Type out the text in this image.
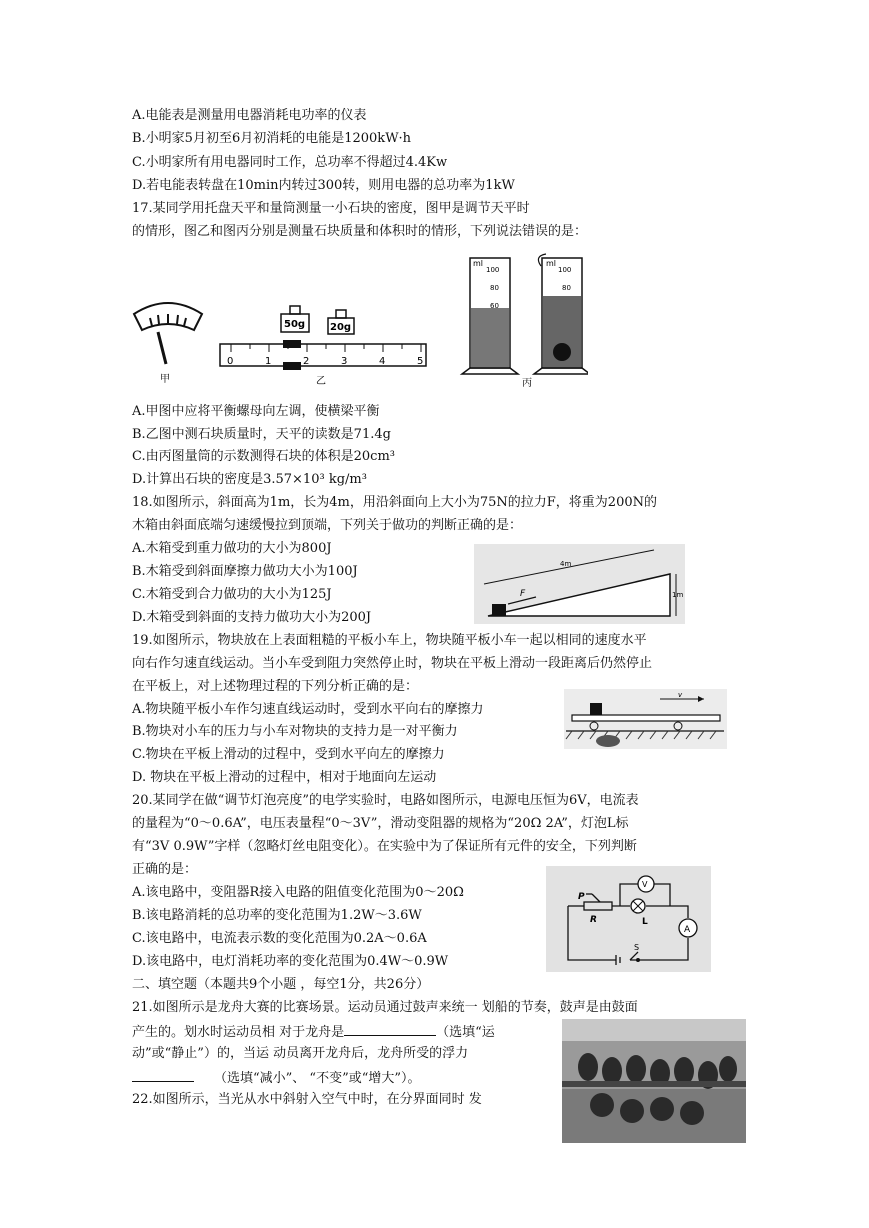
A.电能表是测量用电器消耗电功率的仪表
B.小明家5月初至6月初消耗的电能是1200kW·h
C.小明家所有用电器同时工作，总功率不得超过4.4Kw
D.若电能表转盘在10min内转过300转，则用电器的总功率为1kW
17.某同学用托盘天平和量筒测量一小石块的密度，图甲是调节天平时
的情形，图乙和图丙分别是测量石块质量和体积时的情形，下列说法错误的是：
甲
50g 20g
0	1	2	3	4	5
乙
ml
100
80
60
ml
100
80
丙
A.甲图中应将平衡螺母向左调，使横梁平衡
B.乙图中测石块质量时，天平的读数是71.4g
C.由丙图量筒的示数测得石块的体积是20cm³
D.计算出石块的密度是3.57×10³ kg/m³
18.如图所示，斜面高为1m，长为4m，用沿斜面向上大小为75N的拉力F，将重为200N的
木箱由斜面底端匀速缓慢拉到顶端，下列关于做功的判断正确的是：
A.木箱受到重力做功的大小为800J
B.木箱受到斜面摩擦力做功大小为100J
C.木箱受到合力做功的大小为125J
D.木箱受到斜面的支持力做功大小为200J
F
4m
1m
19.如图所示，物块放在上表面粗糙的平板小车上，物块随平板小车一起以相同的速度水平
向右作匀速直线运动。当小车受到阻力突然停止时，物块在平板上滑动一段距离后仍然停止
在平板上，对上述物理过程的下列分析正确的是：
A.物块随平板小车作匀速直线运动时，受到水平向右的摩擦力
B.物块对小车的压力与小车对物块的支持力是一对平衡力
C.物块在平板上滑动的过程中，受到水平向左的摩擦力
D. 物块在平板上滑动的过程中，相对于地面向左运动
v
20.某同学在做“调节灯泡亮度”的电学实验时，电路如图所示，电源电压恒为6V，电流表
的量程为“0～0.6A”，电压表量程“0～3V”，滑动变阻器的规格为“20Ω 2A”，灯泡L标
有“3V 0.9W”字样（忽略灯丝电阻变化）。在实验中为了保证所有元件的安全，下列判断
正确的是：
A.该电路中，变阻器R接入电路的阻值变化范围为0～20Ω
B.该电路消耗的总功率的变化范围为1.2W～3.6W
C.该电路中，电流表示数的变化范围为0.2A～0.6A
D.该电路中，电灯消耗功率的变化范围为0.4W～0.9W
V
A
P
R	L
S
二、填空题（本题共9个小题 ，每空1分，共26分）
21.如图所示是龙舟大赛的比赛场景。运动员通过鼓声来统一 划船的节奏，鼓声是由鼓面
产生的。划水时运动员相 对于龙舟是	（选填“运
动”或“静止”）的，当运 动员离开龙舟后，龙舟所受的浮力
（选填“减小”、 “不变”或“增大”）。
22.如图所示，当光从水中斜射入空气中时，在分界面同时 发
